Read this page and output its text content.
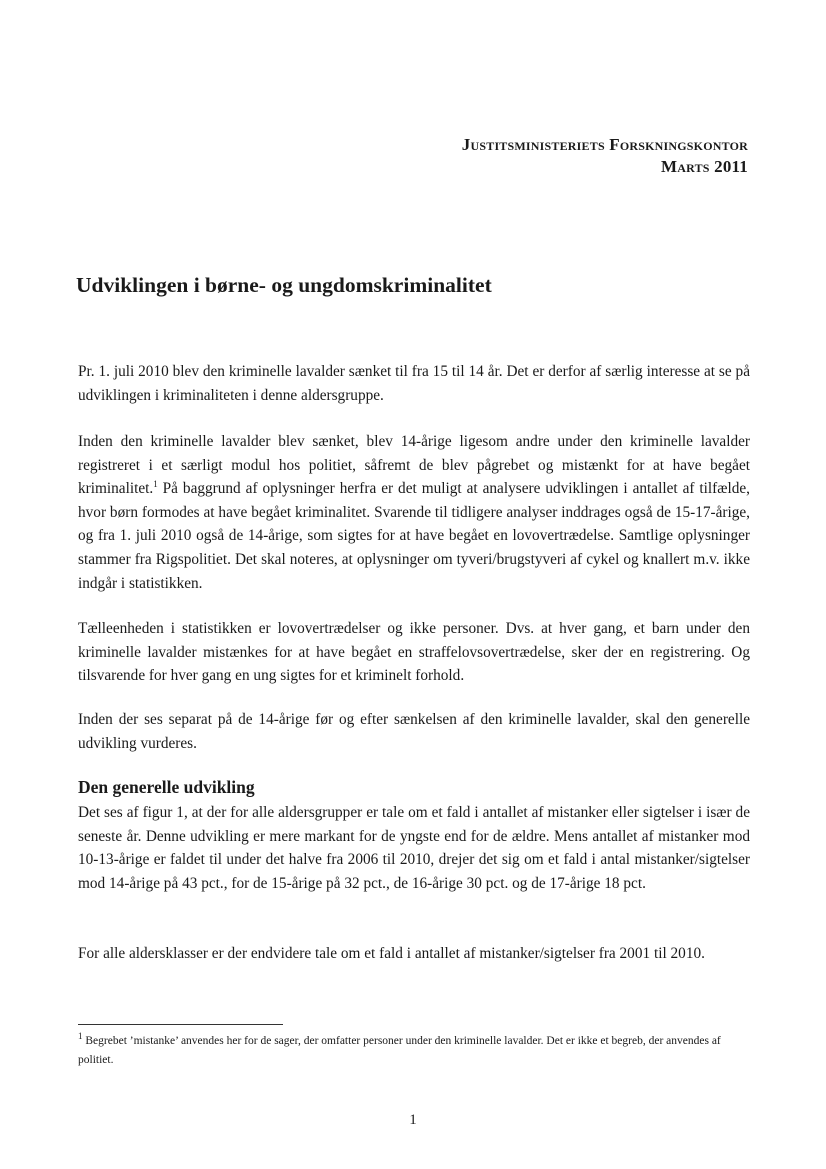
Justitsministeriets Forskningskontor
Marts 2011
Udviklingen i børne- og ungdomskriminalitet

Pr. 1. juli 2010 blev den kriminelle lavalder sænket til fra 15 til 14 år. Det er derfor af særlig interesse at se på udviklingen i kriminaliteten i denne aldersgruppe.

Inden den kriminelle lavalder blev sænket, blev 14-årige ligesom andre under den kriminelle lavalder registreret i et særligt modul hos politiet, såfremt de blev pågrebet og mistænkt for at have begået kriminalitet.$^1$ På baggrund af oplysninger herfra er det muligt at analysere udviklingen i antallet af tilfælde, hvor børn formodes at have begået kriminalitet. Svarende til tidligere analyser inddrages også de 15-17-årige, og fra 1. juli 2010 også de 14-årige, som sigtes for at have begået en lovovertrædelse. Samtlige oplysninger stammer fra Rigspolitiet. Det skal noteres, at oplysninger om tyveri/brugstyveri af cykel og knallert m.v. ikke indgår i statistikken.

Tælleenheden i statistikken er lovovertrædelser og ikke personer. Dvs. at hver gang, et barn under den kriminelle lavalder mistænkes for at have begået en straffelovsovertrædelse, sker der en registrering. Og tilsvarende for hver gang en ung sigtes for et kriminelt forhold.

Inden der ses separat på de 14-årige før og efter sænkelsen af den kriminelle lavalder, skal den generelle udvikling vurderes.

Den generelle udvikling

Det ses af figur 1, at der for alle aldersgrupper er tale om et fald i antallet af mistanker eller sigtelser i især de seneste år. Denne udvikling er mere markant for de yngste end for de ældre. Mens antallet af mistanker mod 10-13-årige er faldet til under det halve fra 2006 til 2010, drejer det sig om et fald i antal mistanker/sigtelser mod 14-årige på 43 pct., for de 15-årige på 32 pct., de 16-årige 30 pct. og de 17-årige 18 pct.

For alle aldersklasser er der endvidere tale om et fald i antallet af mistanker/sigtelser fra 2001 til 2010.

$^1$ Begrebet ’mistanke’ anvendes her for de sager, der omfatter personer under den kriminelle lavalder. Det er ikke et begreb, der anvendes af politiet.

1
